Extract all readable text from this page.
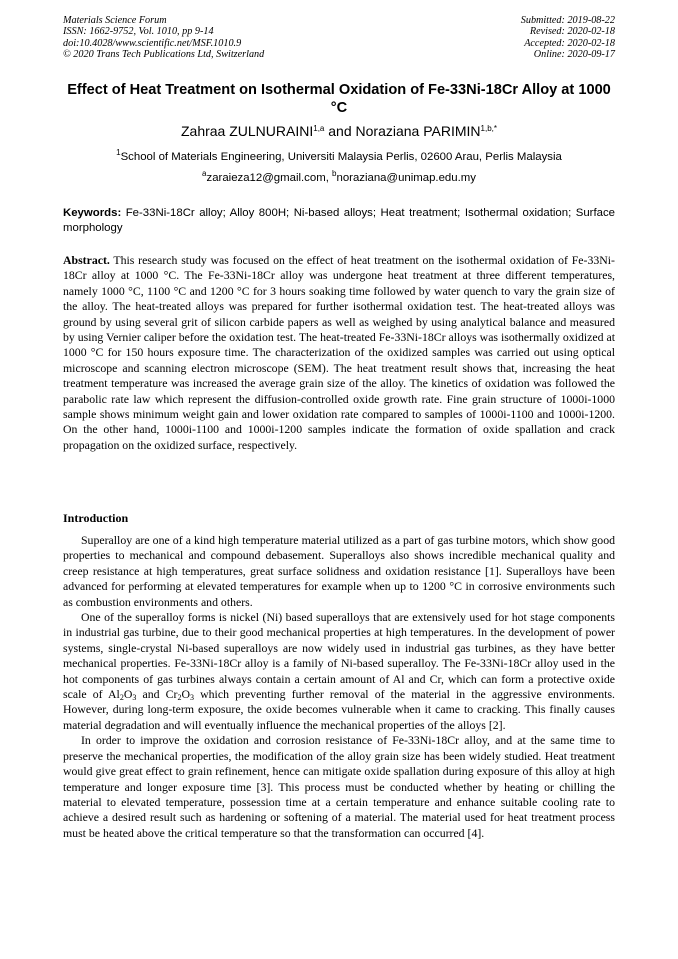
Materials Science Forum
ISSN: 1662-9752, Vol. 1010, pp 9-14
doi:10.4028/www.scientific.net/MSF.1010.9
© 2020 Trans Tech Publications Ltd, Switzerland
Submitted: 2019-08-22
Revised: 2020-02-18
Accepted: 2020-02-18
Online: 2020-09-17
Effect of Heat Treatment on Isothermal Oxidation of Fe-33Ni-18Cr Alloy at 1000 °C
Zahraa ZULNURAINI$^{1,a}$ and Noraziana $PARIMIN^{1,b,*}$
$^1$School of Materials Engineering, Universiti Malaysia Perlis, 02600 Arau, Perlis Malaysia
$^a$zaraieza12@gmail.com, $^b$noraziana@unimap.edu.my
Keywords: Fe-33Ni-18Cr alloy; Alloy 800H; Ni-based alloys; Heat treatment; Isothermal oxidation; Surface morphology

Abstract. This research study was focused on the effect of heat treatment on the isothermal oxidation of Fe-33Ni-18Cr alloy at 1000 °C. The Fe-33Ni-18Cr alloy was undergone heat treatment at three different temperatures, namely 1000 °C, 1100 °C and 1200 °C for 3 hours soaking time followed by water quench to vary the grain size of the alloy. The heat-treated alloys was prepared for further isothermal oxidation test. The heat-treated alloys was ground by using several grit of silicon carbide papers as well as weighed by using analytical balance and measured by using Vernier caliper before the oxidation test. The heat-treated Fe-33Ni-18Cr alloys was isothermally oxidized at 1000 °C for 150 hours exposure time. The characterization of the oxidized samples was carried out using optical microscope and scanning electron microscope (SEM). The heat treatment result shows that, increasing the heat treatment temperature was increased the average grain size of the alloy. The kinetics of oxidation was followed the parabolic rate law which represent the diffusion-controlled oxide growth rate. Fine grain structure of 1000i-1000 sample shows minimum weight gain and lower oxidation rate compared to samples of 1000i-1100 and 1000i-1200. On the other hand, 1000i-1100 and 1000i-1200 samples indicate the formation of oxide spallation and crack propagation on the oxidized surface, respectively.

Introduction

Superalloy are one of a kind high temperature material utilized as a part of gas turbine motors, which show good properties to mechanical and compound debasement. Superalloys also shows incredible mechanical quality and creep resistance at high temperatures, great surface solidness and oxidation resistance [1]. Superalloys have been advanced for performing at elevated temperatures for example when up to 1200 °C in corrosive environments such as combustion environments and others.

One of the superalloy forms is nickel (Ni) based superalloys that are extensively used for hot stage components in industrial gas turbine, due to their good mechanical properties at high temperatures. In the development of power systems, single-crystal Ni-based superalloys are now widely used in industrial gas turbines, as they have better mechanical properties. Fe-33Ni-18Cr alloy is a family of Ni-based superalloy. The Fe-33Ni-18Cr alloy used in the hot components of gas turbines always contain a certain amount of Al and Cr, which can form a protective oxide scale of $Al_2O_3$ and $Cr_2O_3$ which preventing further removal of the material in the aggressive environments. However, during long-term exposure, the oxide becomes vulnerable when it came to cracking. This finally causes material degradation and will eventually influence the mechanical properties of the alloys [2].

In order to improve the oxidation and corrosion resistance of Fe-33Ni-18Cr alloy, and at the same time to preserve the mechanical properties, the modification of the alloy grain size has been widely studied. Heat treatment would give great effect to grain refinement, hence can mitigate oxide spallation during exposure of this alloy at high temperature and longer exposure time [3]. This process must be conducted whether by heating or chilling the material to elevated temperature, possession time at a certain temperature and enhance suitable cooling rate to achieve a desired result such as hardening or softening of a material. The material used for heat treatment process must be heated above the critical temperature so that the transformation can occurred [4].
